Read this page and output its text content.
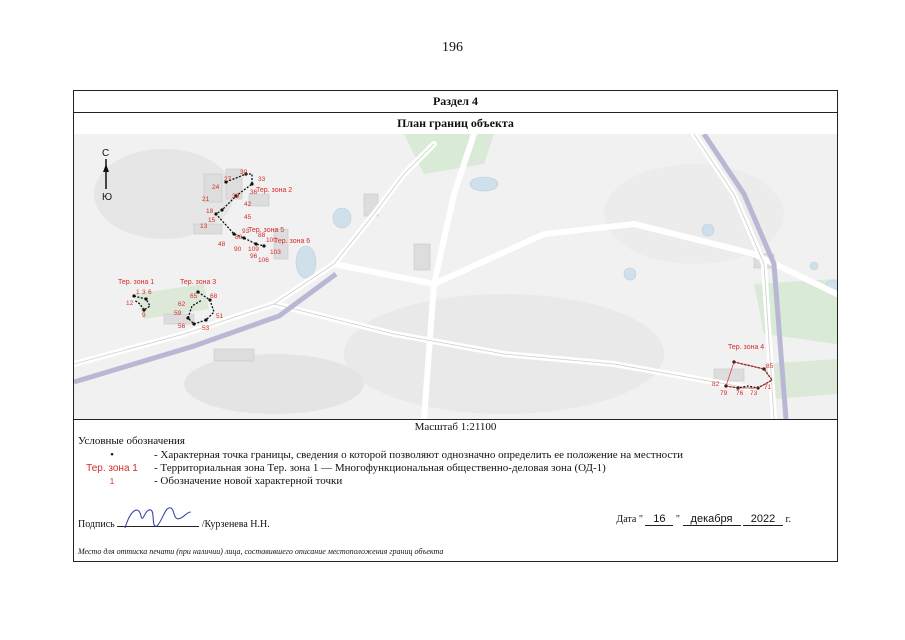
196
Раздел 4
План границ объекта
С
Ю
Тер. зона 2
Тер. зона 5
Тер. зона 6
Тер. зона 1	Тер. зона 3
Тер. зона 4
30
33
27
24
21
36
39
42
18
15
13
45
93
86 88
100
90 109
96
103
106
48
1 3 6
12
9
65 68
62
59	51
56	53
85
82
79 76 73
71
Масштаб 1:21100
Условные обозначения
•	- Характерная точка границы, сведения о которой позволяют однозначно определить ее положение на местности
Тер. зона 1	- Территориальная зона Тер. зона 1 — Многофункциональная общественно-деловая зона (ОД-1)
1	- Обозначение новой характерной точки
Подпись	/Курзенева Н.Н.	Дата " 16 " декабря 2022 г.
Место для оттиска печати (при наличии) лица, составившего описание местоположения границ объекта
